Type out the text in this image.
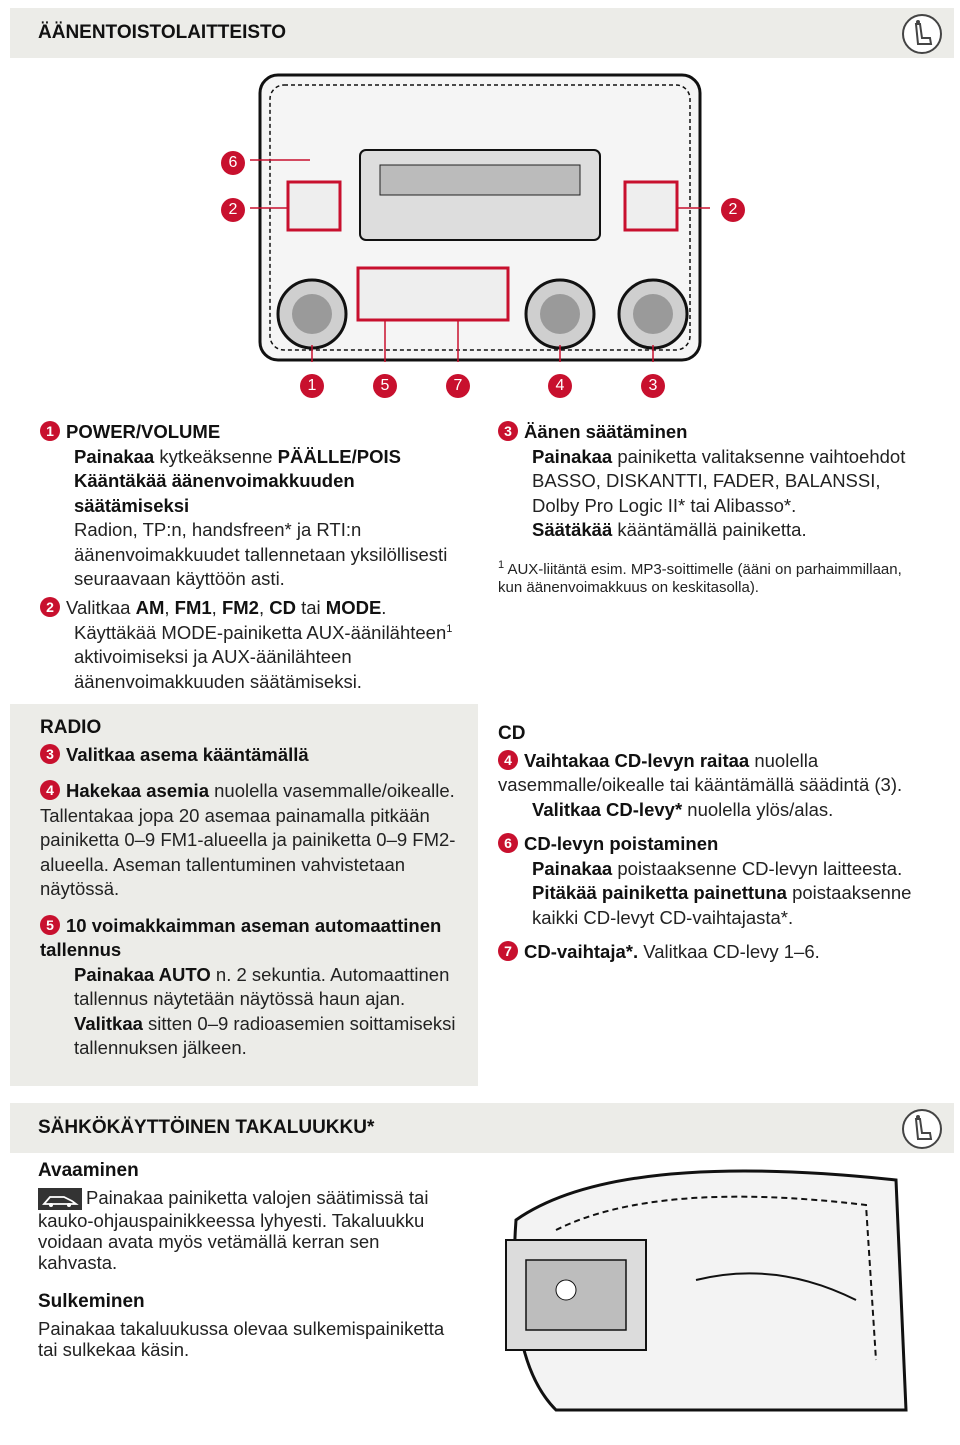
ÄÄNENTOISTOLAITTEISTO
6
2	2
1	5	7	4	3
1 POWER/VOLUME
Painakaa kytkeäksenne PÄÄLLE/POIS
Kääntäkää äänenvoimakkuuden säätämiseksi
Radion, TP:n, handsfreen* ja RTI:n äänenvoimakkuudet tallennetaan yksilöllisesti seuraavaan käyttöön asti.
2 Valitkaa AM, FM1, FM2, CD tai MODE.
Käyttäkää MODE-painiketta AUX-äänilähteen$^1$ aktivoimiseksi ja AUX-äänilähteen äänenvoimakkuuden säätämiseksi.
3 Äänen säätäminen
Painakaa painiketta valitaksenne vaihtoehdot BASSO, DISKANTTI, FADER, BALANSSI, Dolby Pro Logic II* tai Alibasso*.
Säätäkää kääntämällä painiketta.
$^1$ AUX-liitäntä esim. MP3-soittimelle (ääni on parhaimmillaan, kun äänenvoimakkuus on keskitasolla).
RADIO
3 Valitkaa asema kääntämällä
4 Hakekaa asemia nuolella vasemmalle/oikealle. Tallentakaa jopa 20 asemaa painamalla pitkään painiketta 0–9 FM1-alueella ja painiketta 0–9 FM2-alueella. Aseman tallentuminen vahvistetaan näytössä.
5 10 voimakkaimman aseman automaattinen tallennus
Painakaa AUTO n. 2 sekuntia. Automaattinen tallennus näytetään näytössä haun ajan.
Valitkaa sitten 0–9 radioasemien soittamiseksi tallennuksen jälkeen.
CD
4 Vaihtakaa CD-levyn raitaa nuolella vasemmalle/oikealle tai kääntämällä säädintä (3).
Valitkaa CD-levy* nuolella ylös/alas.
6 CD-levyn poistaminen
Painakaa poistaaksenne CD-levyn laitteesta.
Pitäkää painiketta painettuna poistaaksenne kaikki CD-levyt CD-vaihtajasta*.
7 CD-vaihtaja*. Valitkaa CD-levy 1–6.
SÄHKÖKÄYTTÖINEN TAKALUUKKU*
Avaaminen
Painakaa painiketta valojen säätimissä tai kauko-ohjauspainikkeessa lyhyesti. Takaluukku voidaan avata myös vetämällä kerran sen kahvasta.
Sulkeminen
Painakaa takaluukussa olevaa sulkemispainiketta tai sulkekaa käsin.
